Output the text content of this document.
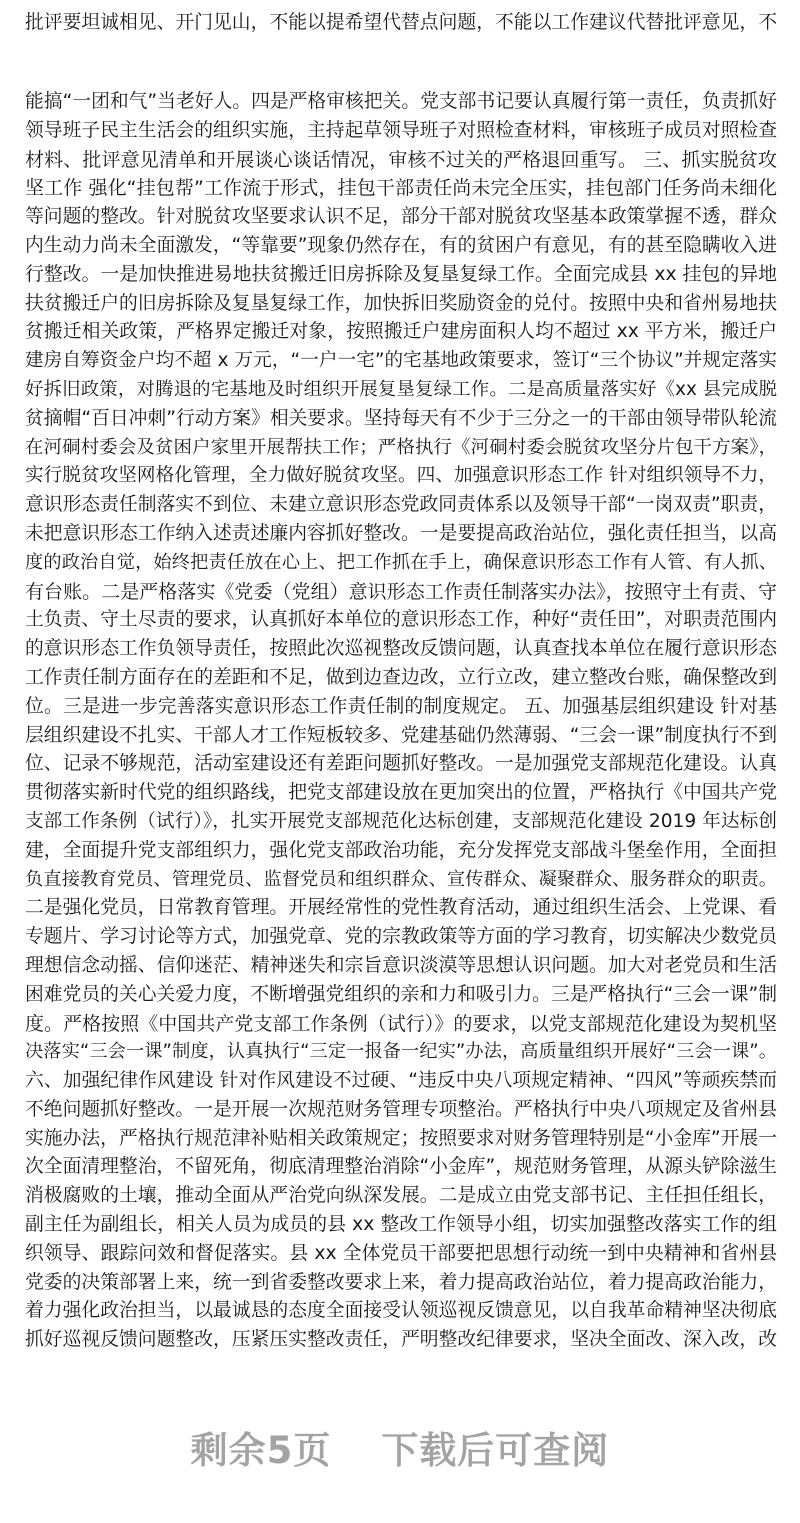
批评要坦诚相见、开门见山，不能以提希望代替点问题，不能以工作建议代替批评意见，不
能搞“一团和气”当老好人。四是严格审核把关。党支部书记要认真履行第一责任，负责抓好
领导班子民主生活会的组织实施，主持起草领导班子对照检查材料，审核班子成员对照检查
材料、批评意见清单和开展谈心谈话情况，审核不过关的严格退回重写。 三、抓实脱贫攻
坚工作 强化“挂包帮”工作流于形式，挂包干部责任尚未完全压实，挂包部门任务尚未细化
等问题的整改。针对脱贫攻坚要求认识不足，部分干部对脱贫攻坚基本政策掌握不透，群众
内生动力尚未全面激发，“等靠要”现象仍然存在，有的贫困户有意见，有的甚至隐瞒收入进
行整改。一是加快推进易地扶贫搬迁旧房拆除及复垦复绿工作。全面完成县 xx 挂包的异地
扶贫搬迁户的旧房拆除及复垦复绿工作，加快拆旧奖励资金的兑付。按照中央和省州易地扶
贫搬迁相关政策，严格界定搬迁对象，按照搬迁户建房面积人均不超过 xx 平方米，搬迁户
建房自筹资金户均不超 x 万元，“一户一宅”的宅基地政策要求，签订“三个协议”并规定落实
好拆旧政策，对腾退的宅基地及时组织开展复垦复绿工作。二是高质量落实好《xx 县完成脱
贫摘帽“百日冲刺”行动方案》相关要求。坚持每天有不少于三分之一的干部由领导带队轮流
在河硐村委会及贫困户家里开展帮扶工作；严格执行《河硐村委会脱贫攻坚分片包干方案》，
实行脱贫攻坚网格化管理，全力做好脱贫攻坚。四、加强意识形态工作 针对组织领导不力，
意识形态责任制落实不到位、未建立意识形态党政同责体系以及领导干部“一岗双责”职责，
未把意识形态工作纳入述责述廉内容抓好整改。一是要提高政治站位，强化责任担当，以高
度的政治自觉，始终把责任放在心上、把工作抓在手上，确保意识形态工作有人管、有人抓、
有台账。二是严格落实《党委（党组）意识形态工作责任制落实办法》，按照守土有责、守
土负责、守土尽责的要求，认真抓好本单位的意识形态工作，种好“责任田”，对职责范围内
的意识形态工作负领导责任，按照此次巡视整改反馈问题，认真查找本单位在履行意识形态
工作责任制方面存在的差距和不足，做到边查边改，立行立改，建立整改台账，确保整改到
位。三是进一步完善落实意识形态工作责任制的制度规定。 五、加强基层组织建设 针对基
层组织建设不扎实、干部人才工作短板较多、党建基础仍然薄弱、“三会一课”制度执行不到
位、记录不够规范，活动室建设还有差距问题抓好整改。一是加强党支部规范化建设。认真
贯彻落实新时代党的组织路线，把党支部建设放在更加突出的位置，严格执行《中国共产党
支部工作条例（试行）》，扎实开展党支部规范化达标创建，支部规范化建设 2019 年达标创
建，全面提升党支部组织力，强化党支部政治功能，充分发挥党支部战斗堡垒作用，全面担
负直接教育党员、管理党员、监督党员和组织群众、宣传群众、凝聚群众、服务群众的职责。
二是强化党员，日常教育管理。开展经常性的党性教育活动，通过组织生活会、上党课、看
专题片、学习讨论等方式，加强党章、党的宗教政策等方面的学习教育，切实解决少数党员
理想信念动摇、信仰迷茫、精神迷失和宗旨意识淡漠等思想认识问题。加大对老党员和生活
困难党员的关心关爱力度，不断增强党组织的亲和力和吸引力。三是严格执行“三会一课”制
度。严格按照《中国共产党支部工作条例（试行）》的要求，以党支部规范化建设为契机坚
决落实“三会一课”制度，认真执行“三定一报备一纪实”办法，高质量组织开展好“三会一课”。
六、加强纪律作风建设 针对作风建设不过硬、“违反中央八项规定精神、“四风”等顽疾禁而
不绝问题抓好整改。一是开展一次规范财务管理专项整治。严格执行中央八项规定及省州县
实施办法，严格执行规范津补贴相关政策规定；按照要求对财务管理特别是“小金库”开展一
次全面清理整治，不留死角，彻底清理整治消除“小金库”，规范财务管理，从源头铲除滋生
消极腐败的土壤，推动全面从严治党向纵深发展。二是成立由党支部书记、主任担任组长，
副主任为副组长，相关人员为成员的县 xx 整改工作领导小组，切实加强整改落实工作的组
织领导、跟踪问效和督促落实。县 xx 全体党员干部要把思想行动统一到中央精神和省州县
党委的决策部署上来，统一到省委整改要求上来，着力提高政治站位，着力提高政治能力，
着力强化政治担当，以最诚恳的态度全面接受认领巡视反馈意见，以自我革命精神坚决彻底
抓好巡视反馈问题整改，压紧压实整改责任，严明整改纪律要求，坚决全面改、深入改，改
剩余5页 下载后可查阅
